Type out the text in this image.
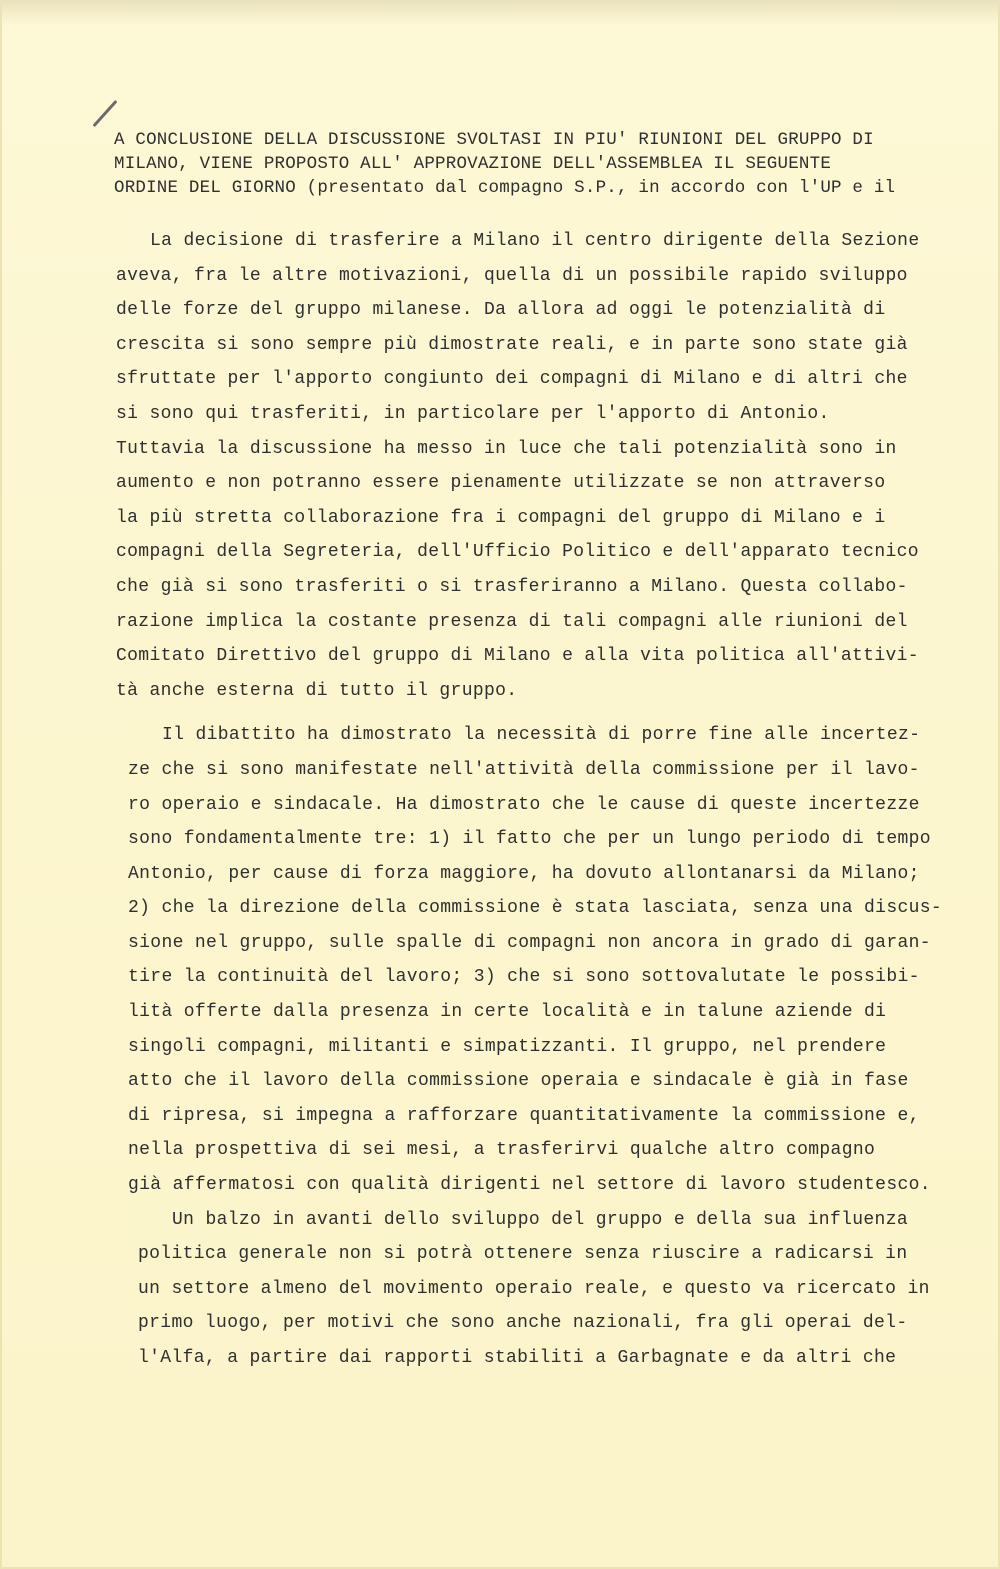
A CONCLUSIONE DELLA DISCUSSIONE SVOLTASI IN PIU' RIUNIONI DEL GRUPPO DI
MILANO, VIENE PROPOSTO ALL' APPROVAZIONE DELL'ASSEMBLEA IL SEGUENTE
ORDINE DEL GIORNO (presentato dal compagno S.P., in accordo con l'UP e il
La decisione di trasferire a Milano il centro dirigente della Sezione
aveva, fra le altre motivazioni, quella di un possibile rapido sviluppo
delle forze del gruppo milanese. Da allora ad oggi le potenzialità di
crescita si sono sempre più dimostrate reali, e in parte sono state già
sfruttate per l'apporto congiunto dei compagni di Milano e di altri che
si sono qui trasferiti, in particolare per l'apporto di Antonio.
Tuttavia la discussione ha messo in luce che tali potenzialità sono in
aumento e non potranno essere pienamente utilizzate se non attraverso
la più stretta collaborazione fra i compagni del gruppo di Milano e i
compagni della Segreteria, dell'Ufficio Politico e dell'apparato tecnico
che già si sono trasferiti o si trasferiranno a Milano. Questa collabo-
razione implica la costante presenza di tali compagni alle riunioni del
Comitato Direttivo del gruppo di Milano e alla vita politica all'attivi-
tà anche esterna di tutto il gruppo.
Il dibattito ha dimostrato la necessità di porre fine alle incertez-
ze che si sono manifestate nell'attività della commissione per il lavo-
ro operaio e sindacale. Ha dimostrato che le cause di queste incertezze
sono fondamentalmente tre: 1) il fatto che per un lungo periodo di tempo
Antonio, per cause di forza maggiore, ha dovuto allontanarsi da Milano;
2) che la direzione della commissione è stata lasciata, senza una discus-
sione nel gruppo, sulle spalle di compagni non ancora in grado di garan-
tire la continuità del lavoro; 3) che si sono sottovalutate le possibi-
lità offerte dalla presenza in certe località e in talune aziende di
singoli compagni, militanti e simpatizzanti. Il gruppo, nel prendere
atto che il lavoro della commissione operaia e sindacale è già in fase
di ripresa, si impegna a rafforzare quantitativamente la commissione e,
nella prospettiva di sei mesi, a trasferirvi qualche altro compagno
già affermatosi con qualità dirigenti nel settore di lavoro studentesco.
Un balzo in avanti dello sviluppo del gruppo e della sua influenza
politica generale non si potrà ottenere senza riuscire a radicarsi in
un settore almeno del movimento operaio reale, e questo va ricercato in
primo luogo, per motivi che sono anche nazionali, fra gli operai del-
l'Alfa, a partire dai rapporti stabiliti a Garbagnate e da altri che
